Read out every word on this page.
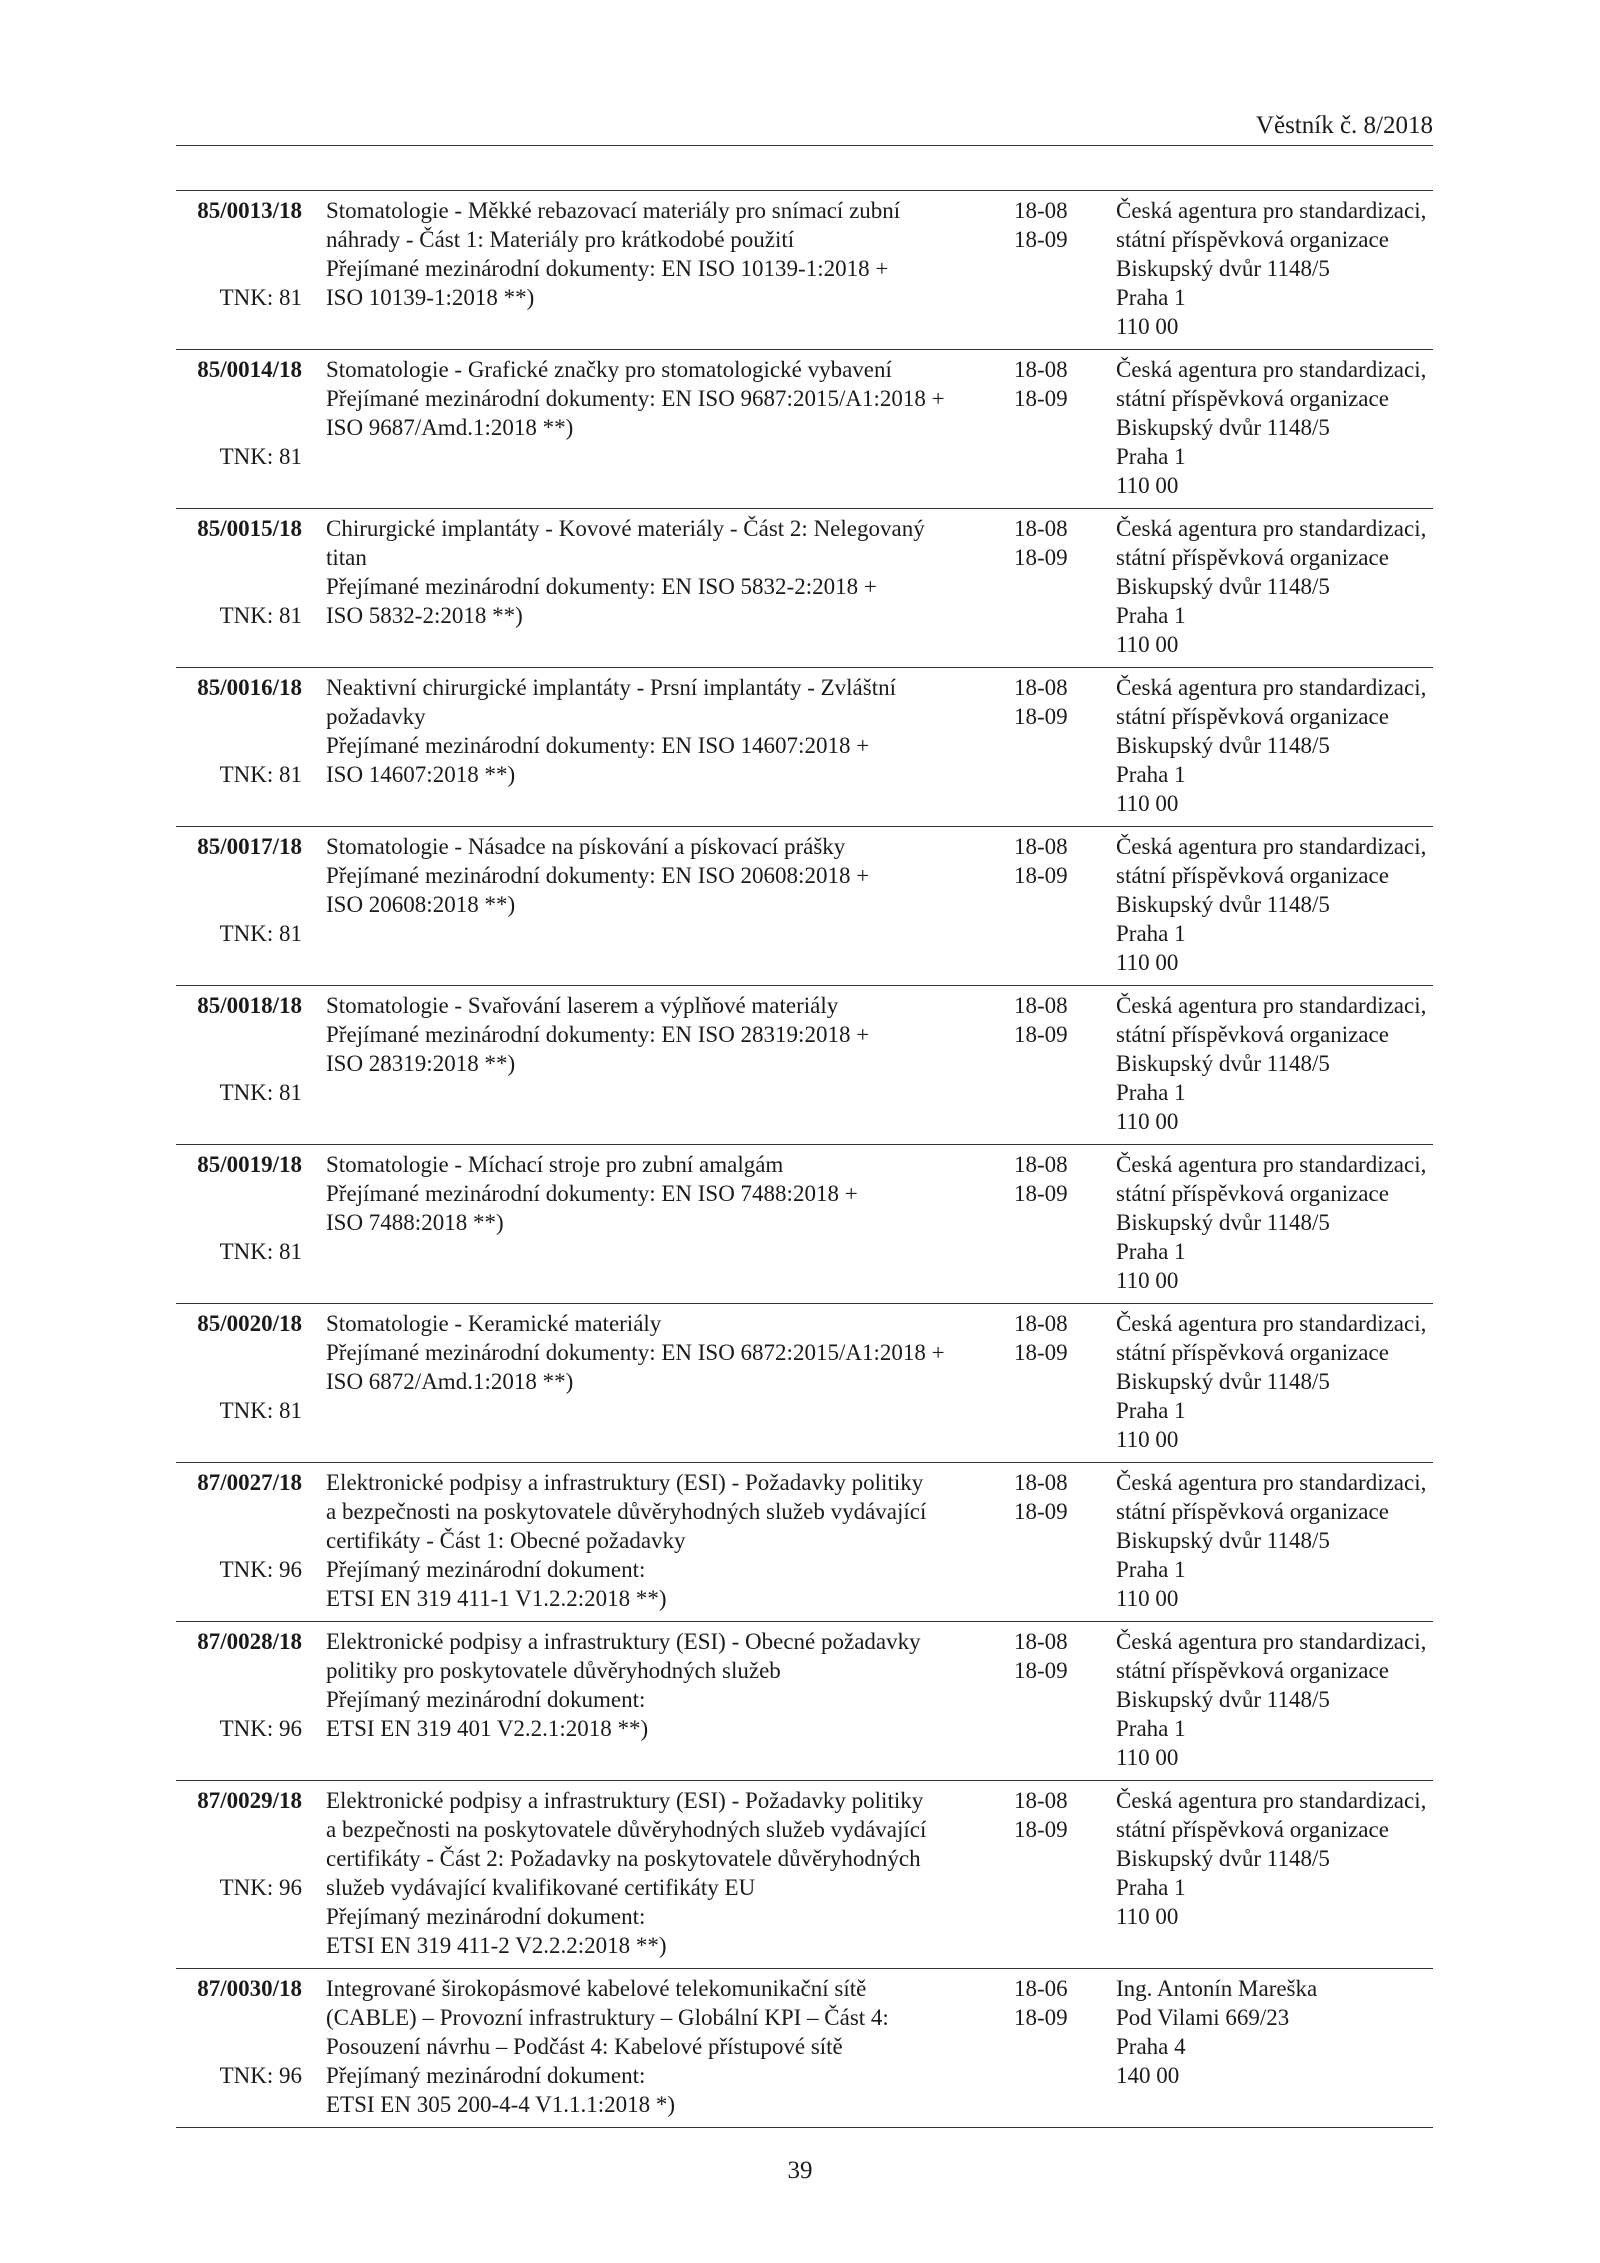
Věstník č. 8/2018
85/0013/18
TNK: 81
Stomatologie - Měkké rebazovací materiály pro snímací zubní
náhrady - Část 1: Materiály pro krátkodobé použití
Přejímané mezinárodní dokumenty: EN ISO 10139-1:2018 +
ISO 10139-1:2018 **)
18-08
18-09
Česká agentura pro standardizaci,
státní příspěvková organizace
Biskupský dvůr 1148/5
Praha 1
110 00
85/0014/18
TNK: 81
Stomatologie - Grafické značky pro stomatologické vybavení
Přejímané mezinárodní dokumenty: EN ISO 9687:2015/A1:2018 +
ISO 9687/Amd.1:2018 **)
18-08
18-09
Česká agentura pro standardizaci,
státní příspěvková organizace
Biskupský dvůr 1148/5
Praha 1
110 00
85/0015/18
TNK: 81
Chirurgické implantáty - Kovové materiály - Část 2: Nelegovaný
titan
Přejímané mezinárodní dokumenty: EN ISO 5832-2:2018 +
ISO 5832-2:2018 **)
18-08
18-09
Česká agentura pro standardizaci,
státní příspěvková organizace
Biskupský dvůr 1148/5
Praha 1
110 00
85/0016/18
TNK: 81
Neaktivní chirurgické implantáty - Prsní implantáty - Zvláštní
požadavky
Přejímané mezinárodní dokumenty: EN ISO 14607:2018 +
ISO 14607:2018 **)
18-08
18-09
Česká agentura pro standardizaci,
státní příspěvková organizace
Biskupský dvůr 1148/5
Praha 1
110 00
85/0017/18
TNK: 81
Stomatologie - Násadce na pískování a pískovací prášky
Přejímané mezinárodní dokumenty: EN ISO 20608:2018 +
ISO 20608:2018 **)
18-08
18-09
Česká agentura pro standardizaci,
státní příspěvková organizace
Biskupský dvůr 1148/5
Praha 1
110 00
85/0018/18
TNK: 81
Stomatologie - Svařování laserem a výplňové materiály
Přejímané mezinárodní dokumenty: EN ISO 28319:2018 +
ISO 28319:2018 **)
18-08
18-09
Česká agentura pro standardizaci,
státní příspěvková organizace
Biskupský dvůr 1148/5
Praha 1
110 00
85/0019/18
TNK: 81
Stomatologie - Míchací stroje pro zubní amalgám
Přejímané mezinárodní dokumenty: EN ISO 7488:2018 +
ISO 7488:2018 **)
18-08
18-09
Česká agentura pro standardizaci,
státní příspěvková organizace
Biskupský dvůr 1148/5
Praha 1
110 00
85/0020/18
TNK: 81
Stomatologie - Keramické materiály
Přejímané mezinárodní dokumenty: EN ISO 6872:2015/A1:2018 +
ISO 6872/Amd.1:2018 **)
18-08
18-09
Česká agentura pro standardizaci,
státní příspěvková organizace
Biskupský dvůr 1148/5
Praha 1
110 00
87/0027/18
TNK: 96
Elektronické podpisy a infrastruktury (ESI) - Požadavky politiky
a bezpečnosti na poskytovatele důvěryhodných služeb vydávající
certifikáty - Část 1: Obecné požadavky
Přejímaný mezinárodní dokument:
ETSI EN 319 411-1 V1.2.2:2018 **)
18-08
18-09
Česká agentura pro standardizaci,
státní příspěvková organizace
Biskupský dvůr 1148/5
Praha 1
110 00
87/0028/18
TNK: 96
Elektronické podpisy a infrastruktury (ESI) - Obecné požadavky
politiky pro poskytovatele důvěryhodných služeb
Přejímaný mezinárodní dokument:
ETSI EN 319 401 V2.2.1:2018 **)
18-08
18-09
Česká agentura pro standardizaci,
státní příspěvková organizace
Biskupský dvůr 1148/5
Praha 1
110 00
87/0029/18
TNK: 96
Elektronické podpisy a infrastruktury (ESI) - Požadavky politiky
a bezpečnosti na poskytovatele důvěryhodných služeb vydávající
certifikáty - Část 2: Požadavky na poskytovatele důvěryhodných
služeb vydávající kvalifikované certifikáty EU
Přejímaný mezinárodní dokument:
ETSI EN 319 411-2 V2.2.2:2018 **)
18-08
18-09
Česká agentura pro standardizaci,
státní příspěvková organizace
Biskupský dvůr 1148/5
Praha 1
110 00
87/0030/18
TNK: 96
Integrované širokopásmové kabelové telekomunikační sítě
(CABLE) – Provozní infrastruktury – Globální KPI – Část 4:
Posouzení návrhu – Podčást 4: Kabelové přístupové sítě
Přejímaný mezinárodní dokument:
ETSI EN 305 200-4-4 V1.1.1:2018 *)
18-06
18-09
Ing. Antonín Mareška
Pod Vilami 669/23
Praha 4
140 00
39
